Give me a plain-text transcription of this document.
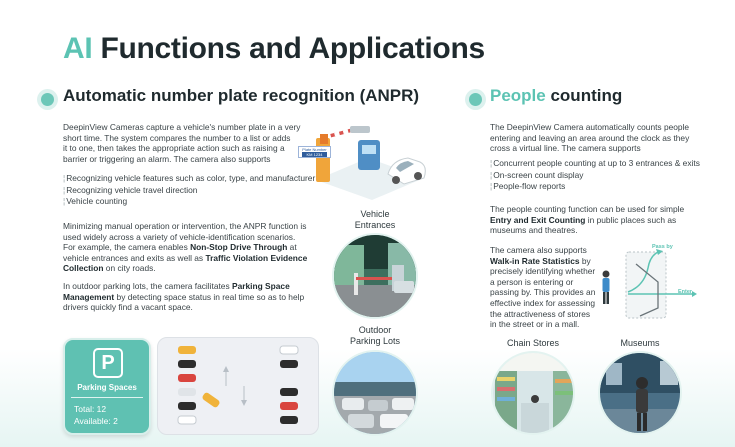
AI Functions and Applications
Automatic number plate recognition (ANPR)
DeepinView Cameras capture a vehicle's number plate in a very
short time. The system compares the number to a list or adds
it to one, then takes the appropriate action such as raising a
barrier or triggering an alarm. The camera also supports
¦ Recognizing vehicle features such as color, type, and manufacturer
¦ Recognizing vehicle travel direction
¦ Vehicle counting
Minimizing manual operation or intervention, the ANPR function is
used widely across a variety of vehicle-identification scenarios.
For example, the camera enables Non-Stop Drive Through at
vehicle entrances and exits as well as Traffic Violation Evidence
Collection on city roads.
In outdoor parking lots, the camera facilitates Parking Space
Management by detecting space status in real time so as to help
drivers quickly find a vacant space.
Plate Number
KM 1234
Vehicle
Entrances
Outdoor
Parking Lots
P
Parking Spaces
Total: 12
Available: 2
People counting
The DeepinView Camera automatically counts people
entering and leaving an area around the clock as they
cross a virtual line. The camera supports
¦ Concurrent people counting at up to 3 entrances & exits
¦ On-screen count display
¦ People-flow reports
The people counting function can be used for simple
Entry and Exit Counting in public places such as
museums and theatres.
The camera also supports
Walk-in Rate Statistics by
precisely identifying whether
a person is entering or
passing by. This provides an
effective index for assessing
the attractiveness of stores
in the street or in a mall.
Pass by
Enter
Chain Stores	Museums
